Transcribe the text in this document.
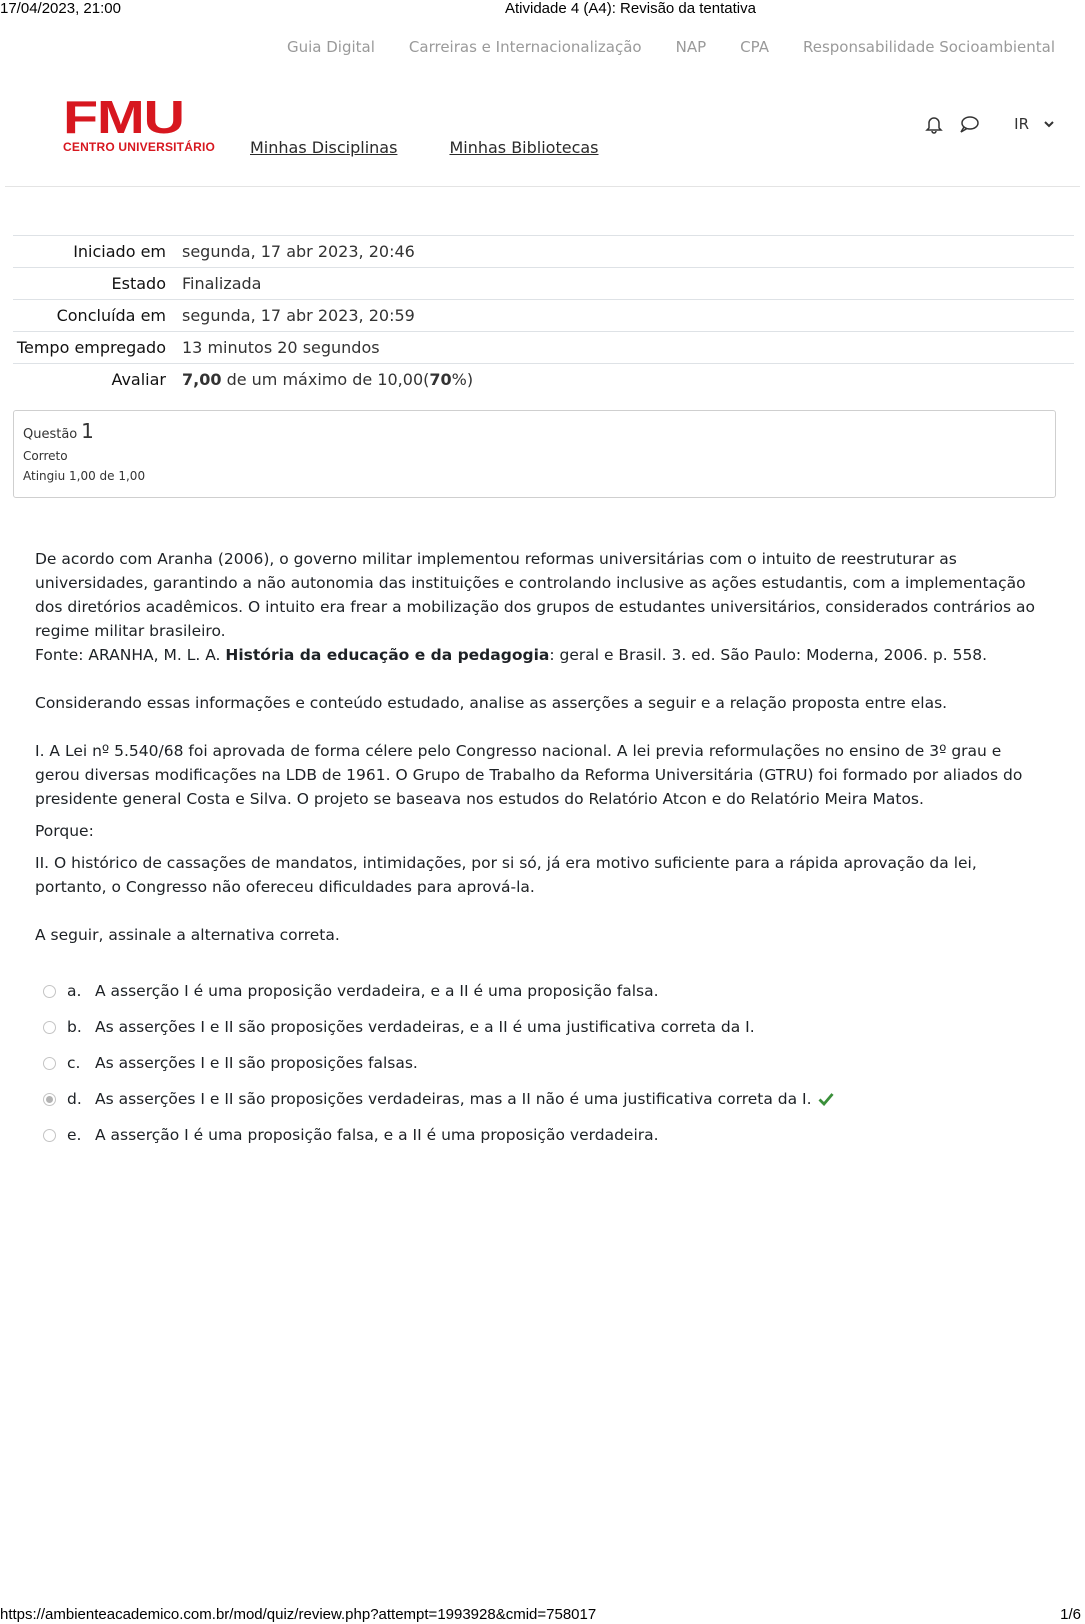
17/04/2023, 21:00	Atividade 4 (A4): Revisão da tentativa
Guia Digital Carreiras e Internacionalização NAP CPA Responsabilidade Socioambiental
FMU
CENTRO UNIVERSITÁRIO Minhas Disciplinas	Minhas Bibliotecas
IR
Iniciado em	segunda, 17 abr 2023, 20:46
Estado	Finalizada
Concluída em	segunda, 17 abr 2023, 20:59
Tempo empregado	13 minutos 20 segundos
Avaliar	7,00 de um máximo de 10,00(70%)
Questão 1
Correto
Atingiu 1,00 de 1,00

De acordo com Aranha (2006), o governo militar implementou reformas universitárias com o intuito de reestruturar as universidades, garantindo a não autonomia das instituições e controlando inclusive as ações estudantis, com a implementação dos diretórios acadêmicos. O intuito era frear a mobilização dos grupos de estudantes universitários, considerados contrários ao regime militar brasileiro.

Fonte: ARANHA, M. L. A. História da educação e da pedagogia: geral e Brasil. 3. ed. São Paulo: Moderna, 2006. p. 558.

Considerando essas informações e conteúdo estudado, analise as asserções a seguir e a relação proposta entre elas.

I. A Lei nº 5.540/68 foi aprovada de forma célere pelo Congresso nacional. A lei previa reformulações no ensino de 3º grau e gerou diversas modificações na LDB de 1961. O Grupo de Trabalho da Reforma Universitária (GTRU) foi formado por aliados do presidente general Costa e Silva. O projeto se baseava nos estudos do Relatório Atcon e do Relatório Meira Matos.

Porque:

II. O histórico de cassações de mandatos, intimidações, por si só, já era motivo suficiente para a rápida aprovação da lei, portanto, o Congresso não ofereceu dificuldades para aprová-la.

A seguir, assinale a alternativa correta.

a. A asserção I é uma proposição verdadeira, e a II é uma proposição falsa.
b. As asserções I e II são proposições verdadeiras, e a II é uma justificativa correta da I.
c. As asserções I e II são proposições falsas.
d. As asserções I e II são proposições verdadeiras, mas a II não é uma justificativa correta da I.
e. A asserção I é uma proposição falsa, e a II é uma proposição verdadeira.
https://ambienteacademico.com.br/mod/quiz/review.php?attempt=1993928&cmid=758017	1/6
